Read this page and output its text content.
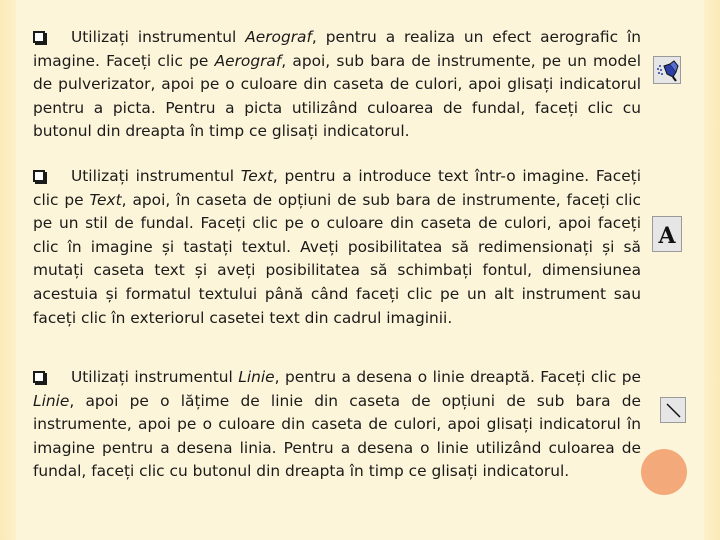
Utilizați instrumentul Aerograf, pentru a realiza un efect aerografic în imagine. Faceți clic pe Aerograf, apoi, sub bara de instrumente, pe un model de pulverizator, apoi pe o culoare din caseta de culori, apoi glisați indicatorul pentru a picta. Pentru a picta utilizând culoarea de fundal, faceți clic cu butonul din dreapta în timp ce glisați indicatorul.
Utilizați instrumentul Text, pentru a introduce text într-o imagine. Faceți clic pe Text, apoi, în caseta de opțiuni de sub bara de instrumente, faceți clic pe un stil de fundal. Faceți clic pe o culoare din caseta de culori, apoi faceți clic în imagine și tastați textul. Aveți posibilitatea să redimensionați și să mutați caseta text și aveți posibilitatea să schimbați fontul, dimensiunea acestuia și formatul textului până când faceți clic pe un alt instrument sau faceți clic în exteriorul casetei text din cadrul imaginii.
Utilizați instrumentul Linie, pentru a desena o linie dreaptă. Faceți clic pe Linie, apoi pe o lățime de linie din caseta de opțiuni de sub bara de instrumente, apoi pe o culoare din caseta de culori, apoi glisați indicatorul în imagine pentru a desena linia. Pentru a desena o linie utilizând culoarea de fundal, faceți clic cu butonul din dreapta în timp ce glisați indicatorul.
A
